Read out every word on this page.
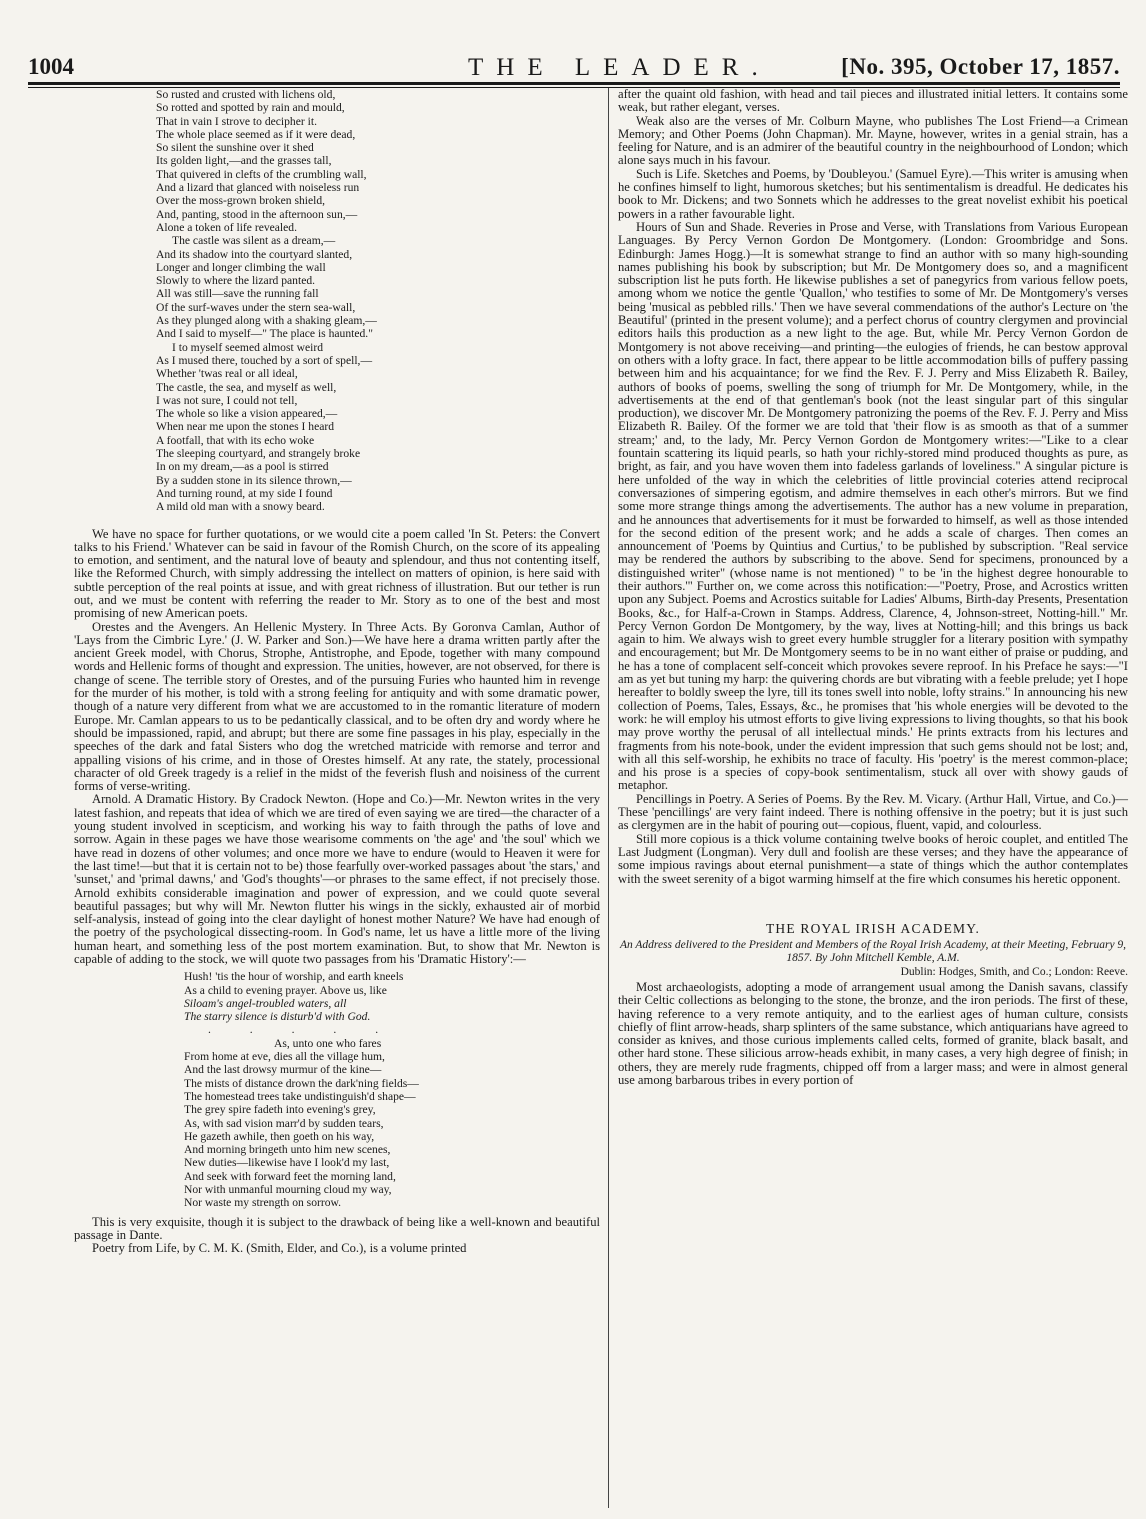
1004	THE LEADER.	[No. 395, October 17, 1857.
So rusted and crusted with lichens old,
So rotted and spotted by rain and mould,
That in vain I strove to decipher it.
The whole place seemed as if it were dead,
So silent the sunshine over it shed
Its golden light,—and the grasses tall,
That quivered in clefts of the crumbling wall,
And a lizard that glanced with noiseless run
Over the moss-grown broken shield,
And, panting, stood in the afternoon sun,—
Alone a token of life revealed.
The castle was silent as a dream,—
And its shadow into the courtyard slanted,
Longer and longer climbing the wall
Slowly to where the lizard panted.
All was still—save the running fall
Of the surf-waves under the stern sea-wall,
As they plunged along with a shaking gleam,—
And I said to myself—" The place is haunted."
I to myself seemed almost weird
As I mused there, touched by a sort of spell,—
Whether 'twas real or all ideal,
The castle, the sea, and myself as well,
I was not sure, I could not tell,
The whole so like a vision appeared,—
When near me upon the stones I heard
A footfall, that with its echo woke
The sleeping courtyard, and strangely broke
In on my dream,—as a pool is stirred
By a sudden stone in its silence thrown,—
And turning round, at my side I found
A mild old man with a snowy beard.

We have no space for further quotations, or we would cite a poem called 'In St. Peters: the Convert talks to his Friend.' Whatever can be said in favour of the Romish Church, on the score of its appealing to emotion, and sentiment, and the natural love of beauty and splendour, and thus not contenting itself, like the Reformed Church, with simply addressing the intellect on matters of opinion, is here said with subtle perception of the real points at issue, and with great richness of illustration. But our tether is run out, and we must be content with referring the reader to Mr. Story as to one of the best and most promising of new American poets.

Orestes and the Avengers. An Hellenic Mystery. In Three Acts. By Goronva Camlan, Author of 'Lays from the Cimbric Lyre.' (J. W. Parker and Son.)—We have here a drama written partly after the ancient Greek model, with Chorus, Strophe, Antistrophe, and Epode, together with many compound words and Hellenic forms of thought and expression. The unities, however, are not observed, for there is change of scene. The terrible story of Orestes, and of the pursuing Furies who haunted him in revenge for the murder of his mother, is told with a strong feeling for antiquity and with some dramatic power, though of a nature very different from what we are accustomed to in the romantic literature of modern Europe. Mr. Camlan appears to us to be pedantically classical, and to be often dry and wordy where he should be impassioned, rapid, and abrupt; but there are some fine passages in his play, especially in the speeches of the dark and fatal Sisters who dog the wretched matricide with remorse and terror and appalling visions of his crime, and in those of Orestes himself. At any rate, the stately, processional character of old Greek tragedy is a relief in the midst of the feverish flush and noisiness of the current forms of verse-writing.

Arnold. A Dramatic History. By Cradock Newton. (Hope and Co.)—Mr. Newton writes in the very latest fashion, and repeats that idea of which we are tired of even saying we are tired—the character of a young student involved in scepticism, and working his way to faith through the paths of love and sorrow. Again in these pages we have those wearisome comments on 'the age' and 'the soul' which we have read in dozens of other volumes; and once more we have to endure (would to Heaven it were for the last time!—but that it is certain not to be) those fearfully over-worked passages about 'the stars,' and 'sunset,' and 'primal dawns,' and 'God's thoughts'—or phrases to the same effect, if not precisely those. Arnold exhibits considerable imagination and power of expression, and we could quote several beautiful passages; but why will Mr. Newton flutter his wings in the sickly, exhausted air of morbid self-analysis, instead of going into the clear daylight of honest mother Nature? We have had enough of the poetry of the psychological dissecting-room. In God's name, let us have a little more of the living human heart, and something less of the post mortem examination. But, to show that Mr. Newton is capable of adding to the stock, we will quote two passages from his 'Dramatic History':—

Hush! 'tis the hour of worship, and earth kneels
As a child to evening prayer. Above us, like
Siloam's angel-troubled waters, all
The starry silence is disturb'd with God.
. . . . .
As, unto one who fares
From home at eve, dies all the village hum,
And the last drowsy murmur of the kine—
The mists of distance drown the dark'ning fields—
The homestead trees take undistinguish'd shape—
The grey spire fadeth into evening's grey,
As, with sad vision marr'd by sudden tears,
He gazeth awhile, then goeth on his way,
And morning bringeth unto him new scenes,
New duties—likewise have I look'd my last,
And seek with forward feet the morning land,
Nor with unmanful mourning cloud my way,
Nor waste my strength on sorrow.

This is very exquisite, though it is subject to the drawback of being like a well-known and beautiful passage in Dante.

Poetry from Life, by C. M. K. (Smith, Elder, and Co.), is a volume printed

after the quaint old fashion, with head and tail pieces and illustrated initial letters. It contains some weak, but rather elegant, verses.

Weak also are the verses of Mr. Colburn Mayne, who publishes The Lost Friend—a Crimean Memory; and Other Poems (John Chapman). Mr. Mayne, however, writes in a genial strain, has a feeling for Nature, and is an admirer of the beautiful country in the neighbourhood of London; which alone says much in his favour.

Such is Life. Sketches and Poems, by 'Doubleyou.' (Samuel Eyre).—This writer is amusing when he confines himself to light, humorous sketches; but his sentimentalism is dreadful. He dedicates his book to Mr. Dickens; and two Sonnets which he addresses to the great novelist exhibit his poetical powers in a rather favourable light.

Hours of Sun and Shade. Reveries in Prose and Verse, with Translations from Various European Languages. By Percy Vernon Gordon De Montgomery. (London: Groombridge and Sons. Edinburgh: James Hogg.)—It is somewhat strange to find an author with so many high-sounding names publishing his book by subscription; but Mr. De Montgomery does so, and a magnificent subscription list he puts forth. He likewise publishes a set of panegyrics from various fellow poets, among whom we notice the gentle 'Quallon,' who testifies to some of Mr. De Montgomery's verses being 'musical as pebbled rills.' Then we have several commendations of the author's Lecture on 'the Beautiful' (printed in the present volume); and a perfect chorus of country clergymen and provincial editors hails this production as a new light to the age. But, while Mr. Percy Vernon Gordon de Montgomery is not above receiving—and printing—the eulogies of friends, he can bestow approval on others with a lofty grace. In fact, there appear to be little accommodation bills of puffery passing between him and his acquaintance; for we find the Rev. F. J. Perry and Miss Elizabeth R. Bailey, authors of books of poems, swelling the song of triumph for Mr. De Montgomery, while, in the advertisements at the end of that gentleman's book (not the least singular part of this singular production), we discover Mr. De Montgomery patronizing the poems of the Rev. F. J. Perry and Miss Elizabeth R. Bailey. Of the former we are told that 'their flow is as smooth as that of a summer stream;' and, to the lady, Mr. Percy Vernon Gordon de Montgomery writes:—"Like to a clear fountain scattering its liquid pearls, so hath your richly-stored mind produced thoughts as pure, as bright, as fair, and you have woven them into fadeless garlands of loveliness." A singular picture is here unfolded of the way in which the celebrities of little provincial coteries attend reciprocal conversaziones of simpering egotism, and admire themselves in each other's mirrors. But we find some more strange things among the advertisements. The author has a new volume in preparation, and he announces that advertisements for it must be forwarded to himself, as well as those intended for the second edition of the present work; and he adds a scale of charges. Then comes an announcement of 'Poems by Quintius and Curtius,' to be published by subscription. "Real service may be rendered the authors by subscribing to the above. Send for specimens, pronounced by a distinguished writer" (whose name is not mentioned) " to be 'in the highest degree honourable to their authors.'" Further on, we come across this notification:—"Poetry, Prose, and Acrostics written upon any Subject. Poems and Acrostics suitable for Ladies' Albums, Birth-day Presents, Presentation Books, &c., for Half-a-Crown in Stamps. Address, Clarence, 4, Johnson-street, Notting-hill." Mr. Percy Vernon Gordon De Montgomery, by the way, lives at Notting-hill; and this brings us back again to him. We always wish to greet every humble struggler for a literary position with sympathy and encouragement; but Mr. De Montgomery seems to be in no want either of praise or pudding, and he has a tone of complacent self-conceit which provokes severe reproof. In his Preface he says:—"I am as yet but tuning my harp: the quivering chords are but vibrating with a feeble prelude; yet I hope hereafter to boldly sweep the lyre, till its tones swell into noble, lofty strains." In announcing his new collection of Poems, Tales, Essays, &c., he promises that 'his whole energies will be devoted to the work: he will employ his utmost efforts to give living expressions to living thoughts, so that his book may prove worthy the perusal of all intellectual minds.' He prints extracts from his lectures and fragments from his note-book, under the evident impression that such gems should not be lost; and, with all this self-worship, he exhibits no trace of faculty. His 'poetry' is the merest common-place; and his prose is a species of copy-book sentimentalism, stuck all over with showy gauds of metaphor.

Pencillings in Poetry. A Series of Poems. By the Rev. M. Vicary. (Arthur Hall, Virtue, and Co.)—These 'pencillings' are very faint indeed. There is nothing offensive in the poetry; but it is just such as clergymen are in the habit of pouring out—copious, fluent, vapid, and colourless.

Still more copious is a thick volume containing twelve books of heroic couplet, and entitled The Last Judgment (Longman). Very dull and foolish are these verses; and they have the appearance of some impious ravings about eternal punishment—a state of things which the author contemplates with the sweet serenity of a bigot warming himself at the fire which consumes his heretic opponent.

THE ROYAL IRISH ACADEMY.

An Address delivered to the President and Members of the Royal Irish Academy, at their Meeting, February 9, 1857. By John Mitchell Kemble, A.M.

Dublin: Hodges, Smith, and Co.; London: Reeve.

Most archaeologists, adopting a mode of arrangement usual among the Danish savans, classify their Celtic collections as belonging to the stone, the bronze, and the iron periods. The first of these, having reference to a very remote antiquity, and to the earliest ages of human culture, consists chiefly of flint arrow-heads, sharp splinters of the same substance, which antiquarians have agreed to consider as knives, and those curious implements called celts, formed of granite, black basalt, and other hard stone. These silicious arrow-heads exhibit, in many cases, a very high degree of finish; in others, they are merely rude fragments, chipped off from a larger mass; and were in almost general use among barbarous tribes in every portion of
